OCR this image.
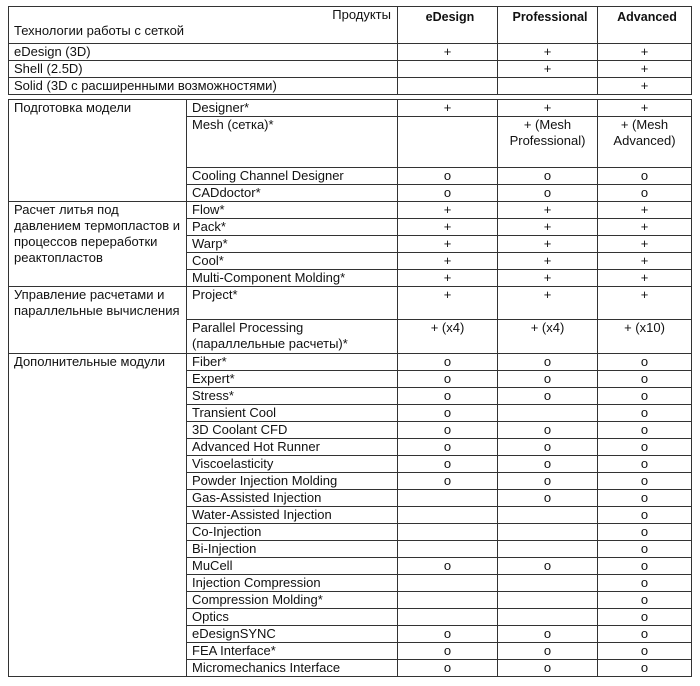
Продукты
Технологии работы с сеткой	eDesign	Professional	Advanced
eDesign (3D)	+	+	+
Shell (2.5D)		+	+
Solid (3D с расширенными возможностями)			+
Подготовка модели	Designer*	+	+	+
	Mesh (сетка)*		+ (Mesh Professional)	+ (Mesh Advanced)
	Cooling Channel Designer	o	o	o
	CADdoctor*	o	o	o
Расчет литья под давлением термопластов и процессов переработки реактопластов	Flow*	+	+	+
	Pack*	+	+	+
	Warp*	+	+	+
	Cool*	+	+	+
	Multi-Component Molding*	+	+	+
Управление расчетами и параллельные вычисления	Project*	+	+	+
	Parallel Processing (параллельные расчеты)*	+ (x4)	+ (x4)	+ (x10)
Дополнительные модули	Fiber*	o	o	o
	Expert*	o	o	o
	Stress*	o	o	o
	Transient Cool	o		o
	3D Coolant CFD	o	o	o
	Advanced Hot Runner	o	o	o
	Viscoelasticity	o	o	o
	Powder Injection Molding	o	o	o
	Gas-Assisted Injection		o	o
	Water-Assisted Injection			o
	Co-Injection			o
	Bi-Injection			o
	MuCell	o	o	o
	Injection Compression			o
	Compression Molding*			o
	Optics			o
	eDesignSYNC	o	o	o
	FEA Interface*	o	o	o
	Micromechanics Interface	o	o	o
